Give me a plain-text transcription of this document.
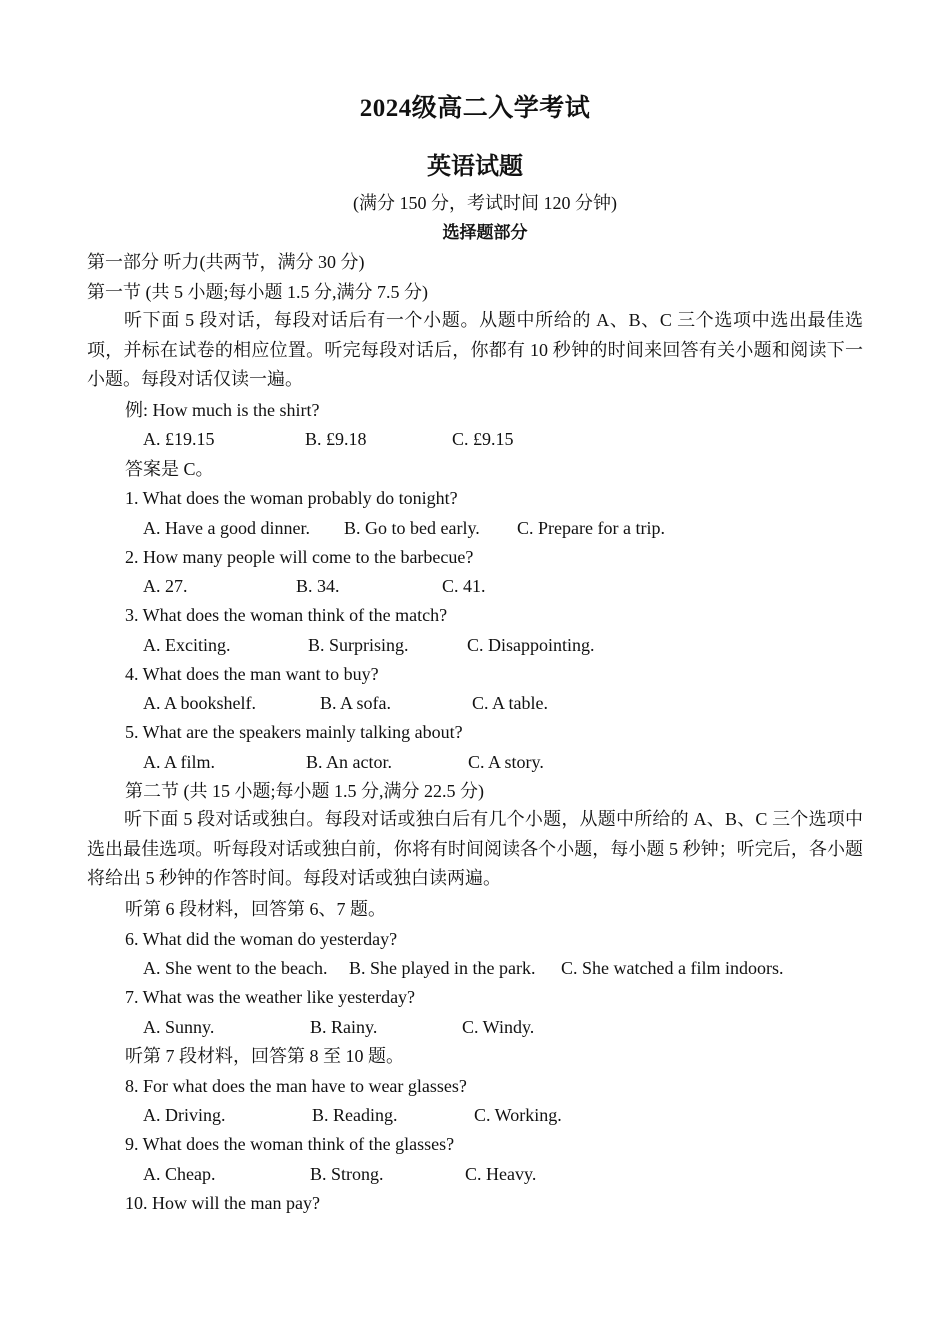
2024级高二入学考试
英语试题
(满分 150 分，考试时间 120 分钟)
选择题部分
第一部分 听力(共两节，满分 30 分)
第一节 (共 5 小题;每小题 1.5 分,满分 7.5 分)
听下面 5 段对话，每段对话后有一个小题。从题中所给的 A、B、C 三个选项中选出最佳选项，并标在试卷的相应位置。听完每段对话后，你都有 10 秒钟的时间来回答有关小题和阅读下一小题。每段对话仅读一遍。
例: How much is the shirt?
A. £19.15	B. £9.18	C. £9.15
答案是 C。
1. What does the woman probably do tonight?
A. Have a good dinner. B. Go to bed early. C. Prepare for a trip.
2. How many people will come to the barbecue?
A. 27.	B. 34.	C. 41.
3. What does the woman think of the match?
A. Exciting.	B. Surprising.	C. Disappointing.
4. What does the man want to buy?
A. A bookshelf.	B. A sofa.	C. A table.
5. What are the speakers mainly talking about?
A. A film.	B. An actor.	C. A story.
第二节 (共 15 小题;每小题 1.5 分,满分 22.5 分)
听下面 5 段对话或独白。每段对话或独白后有几个小题，从题中所给的 A、B、C 三个选项中选出最佳选项。听每段对话或独白前，你将有时间阅读各个小题，每小题 5 秒钟；听完后，各小题将给出 5 秒钟的作答时间。每段对话或独白读两遍。
听第 6 段材料，回答第 6、7 题。
6. What did the woman do yesterday?
A. She went to the beach. B. She played in the park. C. She watched a film indoors.
7. What was the weather like yesterday?
A. Sunny.	B. Rainy.	C. Windy.
听第 7 段材料，回答第 8 至 10 题。
8. For what does the man have to wear glasses?
A. Driving.	B. Reading.	C. Working.
9. What does the woman think of the glasses?
A. Cheap.	B. Strong.	C. Heavy.
10. How will the man pay?
